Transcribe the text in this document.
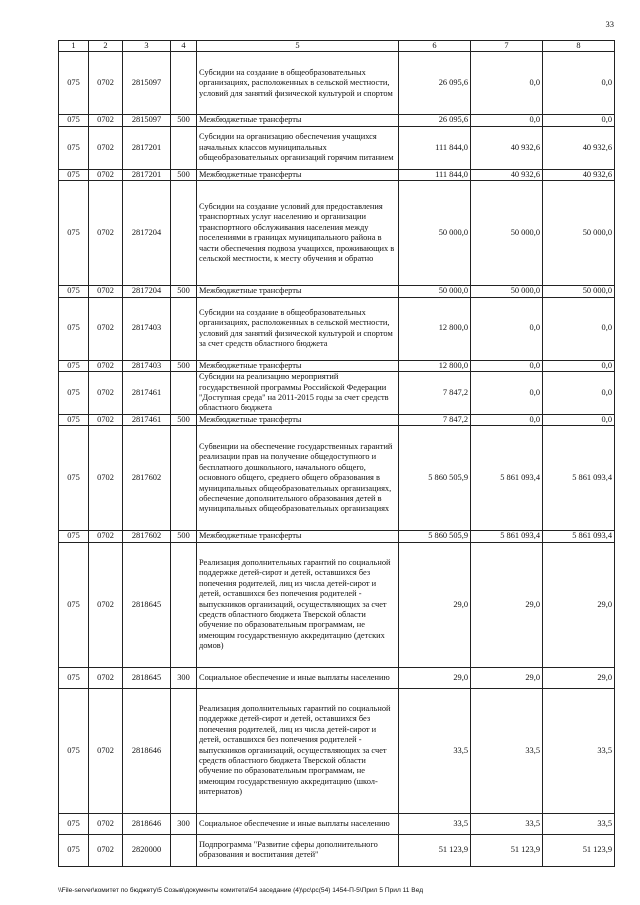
33
1	2	3	4	5	6	7	8
075	0702	2815097		Субсидии на создание в общеобразовательных организациях, расположенных в сельской местности, условий для занятий физической культурой и спортом	26 095,6	0,0	0,0
075	0702	2815097	500	Межбюджетные трансферты	26 095,6	0,0	0,0
075	0702	2817201		Субсидии на организацию обеспечения учащихся начальных классов муниципальных общеобразовательных организаций горячим питанием	111 844,0	40 932,6	40 932,6
075	0702	2817201	500	Межбюджетные трансферты	111 844,0	40 932,6	40 932,6
075	0702	2817204		Субсидии на создание условий для предоставления транспортных услуг населению и организации транспортного обслуживания населения между поселениями в границах муниципального района в части обеспечения подвоза учащихся, проживающих в сельской местности, к месту обучения и обратно	50 000,0	50 000,0	50 000,0
075	0702	2817204	500	Межбюджетные трансферты	50 000,0	50 000,0	50 000,0
075	0702	2817403		Субсидии на создание в общеобразовательных организациях, расположенных в сельской местности, условий для занятий физической культурой и спортом за счет средств областного бюджета	12 800,0	0,0	0,0
075	0702	2817403	500	Межбюджетные трансферты	12 800,0	0,0	0,0
075	0702	2817461		Субсидии на реализацию мероприятий государственной программы Российской Федерации "Доступная среда" на 2011-2015 годы за счет средств областного бюджета	7 847,2	0,0	0,0
075	0702	2817461	500	Межбюджетные трансферты	7 847,2	0,0	0,0
075	0702	2817602		Субвенции на обеспечение государственных гарантий реализации прав на получение общедоступного и бесплатного дошкольного, начального общего, основного общего, среднего общего образования в муниципальных общеобразовательных организациях, обеспечение дополнительного образования детей в муниципальных общеобразовательных организациях	5 860 505,9	5 861 093,4	5 861 093,4
075	0702	2817602	500	Межбюджетные трансферты	5 860 505,9	5 861 093,4	5 861 093,4
075	0702	2818645		Реализация дополнительных гарантий по социальной поддержке детей-сирот и детей, оставшихся без попечения родителей, лиц из числа детей-сирот и детей, оставшихся без попечения родителей - выпускников организаций, осуществляющих за счет средств областного бюджета Тверской области обучение по образовательным программам, не имеющим государственную аккредитацию (детских домов)	29,0	29,0	29,0
075	0702	2818645	300	Социальное обеспечение и иные выплаты населению	29,0	29,0	29,0
075	0702	2818646		Реализация дополнительных гарантий по социальной поддержке детей-сирот и детей, оставшихся без попечения родителей, лиц из числа детей-сирот и детей, оставшихся без попечения родителей - выпускников организаций, осуществляющих за счет средств областного бюджета Тверской области обучение по образовательным программам, не имеющим государственную аккредитацию (школ-интернатов)	33,5	33,5	33,5
075	0702	2818646	300	Социальное обеспечение и иные выплаты населению	33,5	33,5	33,5
075	0702	2820000		Подпрограмма "Развитие сферы дополнительного образования и воспитания детей"	51 123,9	51 123,9	51 123,9
\\File-server\комитет по бюджету\5 Созыв\документы комитета\54 заседание (4)\рс\рс(54) 1454-П-5\Прил 5 Прил 11 Вед
